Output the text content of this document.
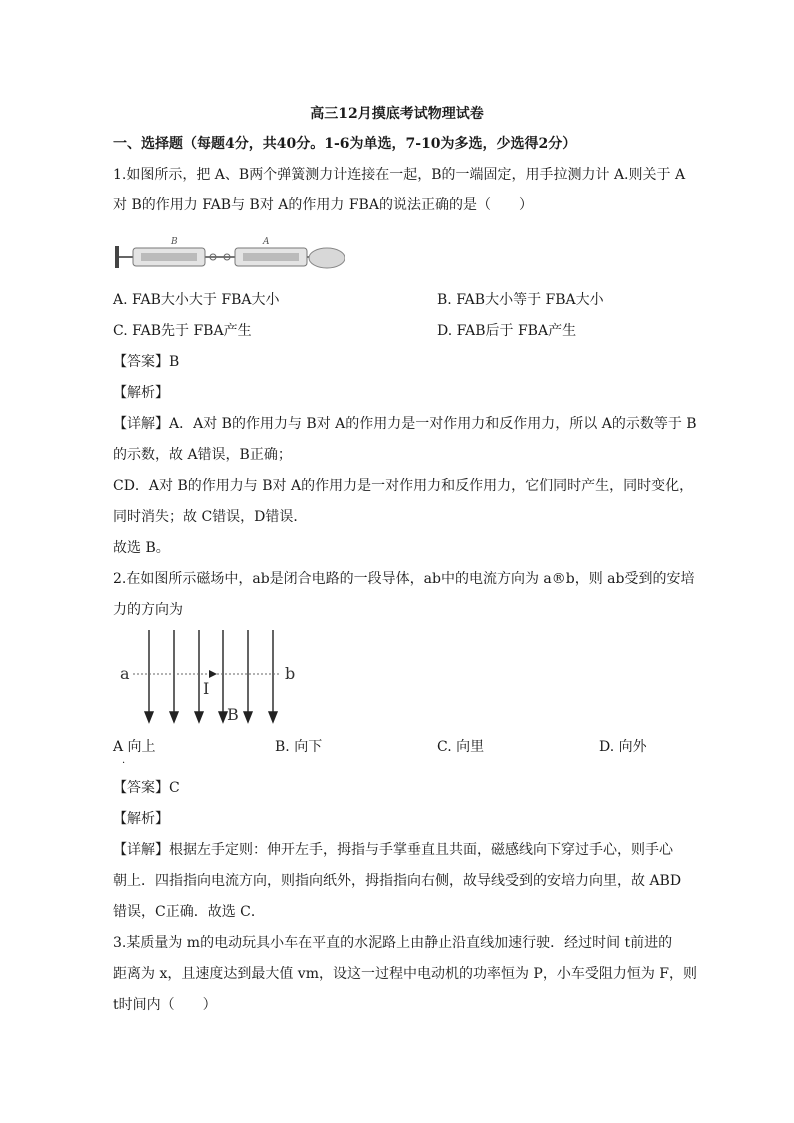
高三12月摸底考试物理试卷
一、选择题（每题4分，共40分。1-6为单选，7-10为多选，少选得2分）
1.如图所示，把 A、B两个弹簧测力计连接在一起，B的一端固定，用手拉测力计 A.则关于 A
对 B的作用力 FAB与 B对 A的作用力 FBA的说法正确的是（　　）
B	A
A. FAB大小大于 FBA大小	B. FAB大小等于 FBA大小
C. FAB先于 FBA产生	D. FAB后于 FBA产生
【答案】B
【解析】
【详解】A．A对 B的作用力与 B对 A的作用力是一对作用力和反作用力，所以 A的示数等于 B
的示数，故 A错误，B正确；
CD．A对 B的作用力与 B对 A的作用力是一对作用力和反作用力，它们同时产生，同时变化，
同时消失；故 C错误，D错误．
故选 B。
2.在如图所示磁场中，ab是闭合电路的一段导体，ab中的电流方向为 a®b，则 ab受到的安培
力的方向为
a	b
I
B
A 向上	B. 向下	C. 向里	D. 向外
·
【答案】C
【解析】
【详解】根据左手定则：伸开左手，拇指与手掌垂直且共面，磁感线向下穿过手心，则手心
朝上．四指指向电流方向，则指向纸外，拇指指向右侧，故导线受到的安培力向里，故 ABD
错误，C正确．故选 C．
3.某质量为 m的电动玩具小车在平直的水泥路上由静止沿直线加速行驶．经过时间 t前进的
距离为 x，且速度达到最大值 vm，设这一过程中电动机的功率恒为 P，小车受阻力恒为 F，则
t时间内（　　）
